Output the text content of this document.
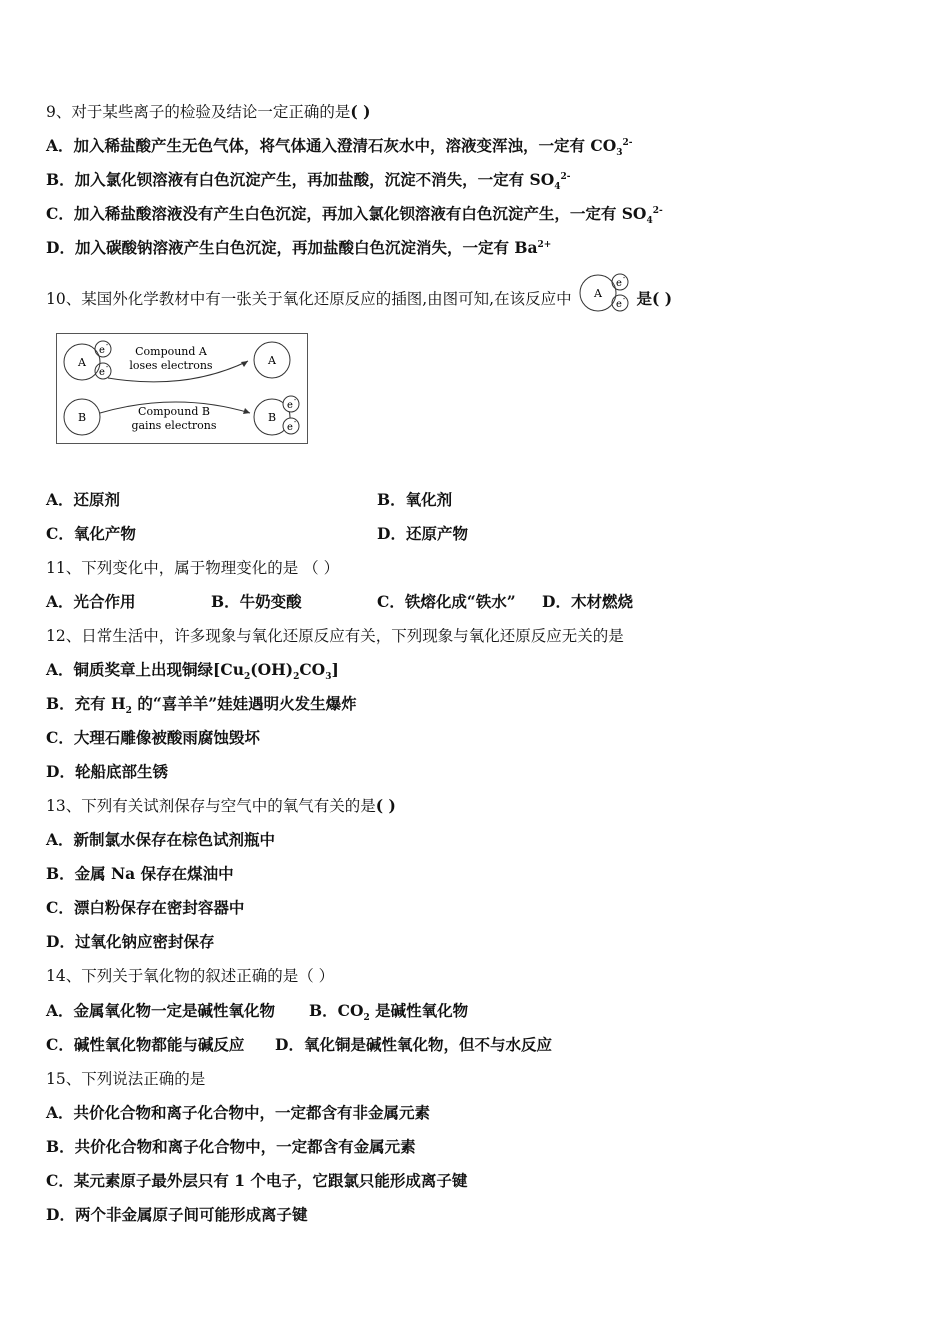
9、对于某些离子的检验及结论一定正确的是( )
A．加入稀盐酸产生无色气体，将气体通入澄清石灰水中，溶液变浑浊，一定有 $CO_3^{2-}$
B．加入氯化钡溶液有白色沉淀产生，再加盐酸，沉淀不消失，一定有 $SO_4^{2-}$
C．加入稀盐酸溶液没有产生白色沉淀，再加入氯化钡溶液有白色沉淀产生，一定有 $SO_4^{2-}$
D．加入碳酸钠溶液产生白色沉淀，再加盐酸白色沉淀消失，一定有 $Ba^{2+}$
10、某国外化学教材中有一张关于氧化还原反应的插图,由图可知,在该反应中 A
e -
e - 是( )
A
e -
e -	A
B	B
e -
e -
Compound A
loses electrons
Compound B
gains electrons
A．还原剂	B．氧化剂
C．氧化产物	D．还原产物
11、下列变化中，属于物理变化的是 （ ）
A．光合作用	B．牛奶变酸	C．铁熔化成“铁水” D．木材燃烧
12、日常生活中，许多现象与氧化还原反应有关，下列现象与氧化还原反应无关的是
A．铜质奖章上出现铜绿$[Cu_2(OH)_2CO_3]$
B．充有 $H_2$ 的“喜羊羊”娃娃遇明火发生爆炸
C．大理石雕像被酸雨腐蚀毁坏
D．轮船底部生锈
13、下列有关试剂保存与空气中的氧气有关的是( )
A．新制氯水保存在棕色试剂瓶中
B．金属 Na 保存在煤油中
C．漂白粉保存在密封容器中
D．过氧化钠应密封保存
14、下列关于氧化物的叙述正确的是（ ）
A．金属氧化物一定是碱性氧化物 B．$CO_2$ 是碱性氧化物
C．碱性氧化物都能与碱反应 D．氧化铜是碱性氧化物，但不与水反应
15、下列说法正确的是
A．共价化合物和离子化合物中，一定都含有非金属元素
B．共价化合物和离子化合物中，一定都含有金属元素
C．某元素原子最外层只有 1 个电子，它跟氯只能形成离子键
D．两个非金属原子间可能形成离子键
